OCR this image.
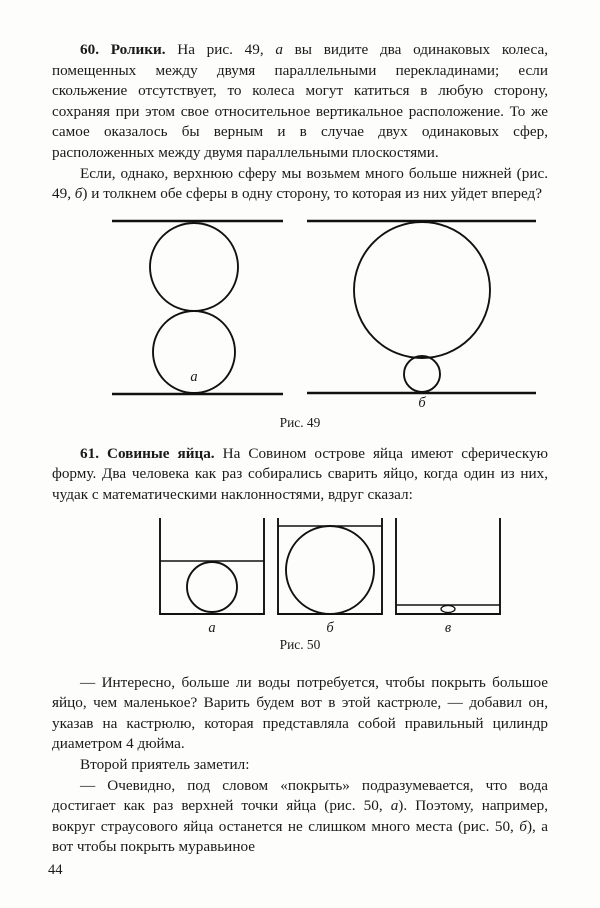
60. Ролики. На рис. 49, а вы видите два одинаковых колеса, помещенных между двумя параллельными перекладинами; если скольжение отсутствует, то колеса могут катиться в любую сторону, сохраняя при этом свое относительное вертикальное расположение. То же самое оказалось бы верным и в случае двух одинаковых сфер, расположенных между двумя параллельными плоскостями.

Если, однако, верхнюю сферу мы возьмем много больше нижней (рис. 49, б) и толкнем обе сферы в одну сторону, то которая из них уйдет вперед?

а
б
Рис. 49

61. Совиные яйца. На Совином острове яйца имеют сферическую форму. Два человека как раз собирались сварить яйцо, когда один из них, чудак с математическими наклонностями, вдруг сказал:

а	б	в
Рис. 50

— Интересно, больше ли воды потребуется, чтобы покрыть большое яйцо, чем маленькое? Варить будем вот в этой кастрюле, — добавил он, указав на кастрюлю, которая представляла собой правильный цилиндр диаметром 4 дюйма.

Второй приятель заметил:

— Очевидно, под словом «покрыть» подразумевается, что вода достигает как раз верхней точки яйца (рис. 50, а). Поэтому, например, вокруг страусового яйца останется не слишком много места (рис. 50, б), а вот чтобы покрыть муравьиное

44
